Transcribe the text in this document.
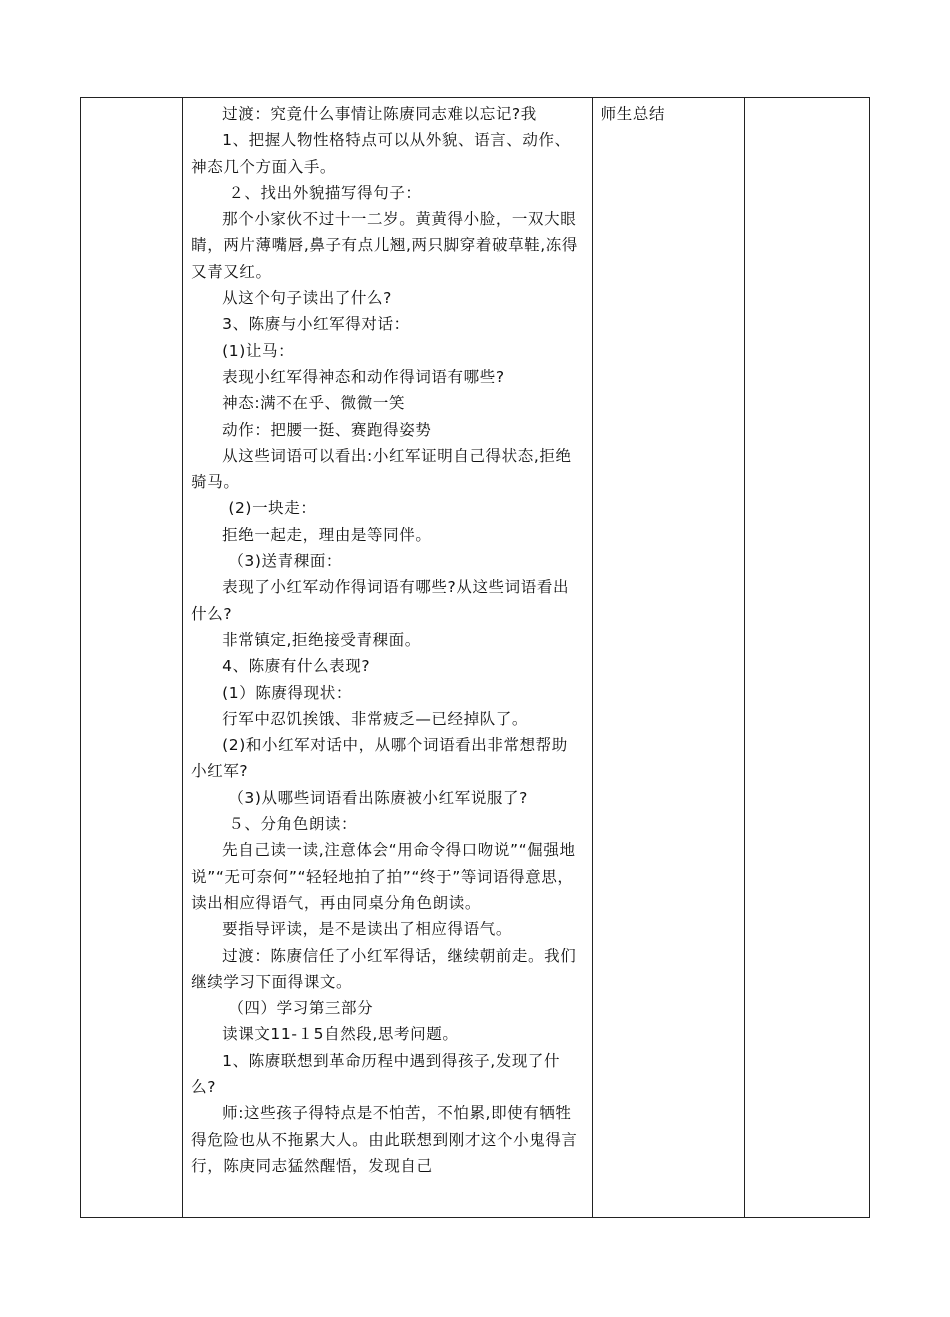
过渡：究竟什么事情让陈赓同志难以忘记?我

1、把握人物性格特点可以从外貌、语言、动作、神态几个方面入手。

２、找出外貌描写得句子：

那个小家伙不过十一二岁。黄黄得小脸，一双大眼睛，两片薄嘴唇,鼻子有点儿翘,两只脚穿着破草鞋,冻得又青又红。

从这个句子读出了什么?

3、陈赓与小红军得对话：

(1)让马：

表现小红军得神态和动作得词语有哪些?

神态:满不在乎、微微一笑

动作：把腰一挺、赛跑得姿势

从这些词语可以看出:小红军证明自己得状态,拒绝骑马。

(2)一块走：

拒绝一起走，理由是等同伴。

（3)送青稞面：

表现了小红军动作得词语有哪些?从这些词语看出什么?

非常镇定,拒绝接受青稞面。

4、陈赓有什么表现?

(1）陈赓得现状：

行军中忍饥挨饿、非常疲乏—已经掉队了。

(2)和小红军对话中，从哪个词语看出非常想帮助小红军?

（3)从哪些词语看出陈赓被小红军说服了?

５、分角色朗读：

先自己读一读,注意体会“用命令得口吻说”“倔强地说”“无可奈何”“轻轻地拍了拍”“终于”等词语得意思，读出相应得语气，再由同桌分角色朗读。

要指导评读，是不是读出了相应得语气。

过渡：陈赓信任了小红军得话，继续朝前走。我们继续学习下面得课文。

（四）学习第三部分

读课文11-１5自然段,思考问题。

1、陈赓联想到革命历程中遇到得孩子,发现了什么?

师:这些孩子得特点是不怕苦，不怕累,即使有牺牲得危险也从不拖累大人。由此联想到刚才这个小鬼得言行，陈庚同志猛然醒悟，发现自己

师生总结
